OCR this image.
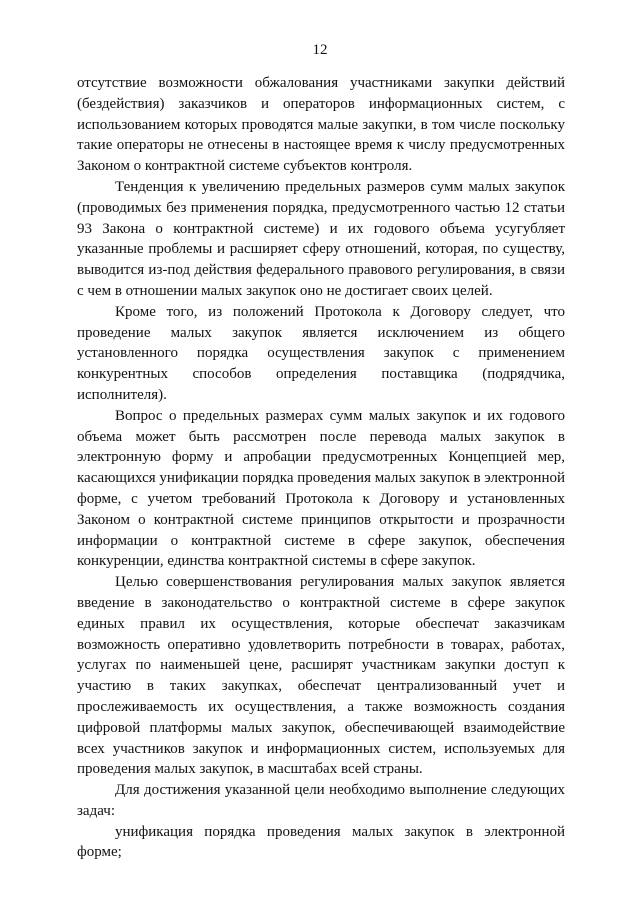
12

отсутствие возможности обжалования участниками закупки действий (бездействия) заказчиков и операторов информационных систем, с использованием которых проводятся малые закупки, в том числе поскольку такие операторы не отнесены в настоящее время к числу предусмотренных Законом о контрактной системе субъектов контроля.

Тенденция к увеличению предельных размеров сумм малых закупок (проводимых без применения порядка, предусмотренного частью 12 статьи 93 Закона о контрактной системе) и их годового объема усугубляет указанные проблемы и расширяет сферу отношений, которая, по существу, выводится из-под действия федерального правового регулирования, в связи с чем в отношении малых закупок оно не достигает своих целей.

Кроме того, из положений Протокола к Договору следует, что проведение малых закупок является исключением из общего установленного порядка осуществления закупок с применением конкурентных способов определения поставщика (подрядчика, исполнителя).

Вопрос о предельных размерах сумм малых закупок и их годового объема может быть рассмотрен после перевода малых закупок в электронную форму и апробации предусмотренных Концепцией мер, касающихся унификации порядка проведения малых закупок в электронной форме, с учетом требований Протокола к Договору и установленных Законом о контрактной системе принципов открытости и прозрачности информации о контрактной системе в сфере закупок, обеспечения конкуренции, единства контрактной системы в сфере закупок.

Целью совершенствования регулирования малых закупок является введение в законодательство о контрактной системе в сфере закупок единых правил их осуществления, которые обеспечат заказчикам возможность оперативно удовлетворить потребности в товарах, работах, услугах по наименьшей цене, расширят участникам закупки доступ к участию в таких закупках, обеспечат централизованный учет и прослеживаемость их осуществления, а также возможность создания цифровой платформы малых закупок, обеспечивающей взаимодействие всех участников закупок и информационных систем, используемых для проведения малых закупок, в масштабах всей страны.

Для достижения указанной цели необходимо выполнение следующих задач:

унификация порядка проведения малых закупок в электронной форме;
